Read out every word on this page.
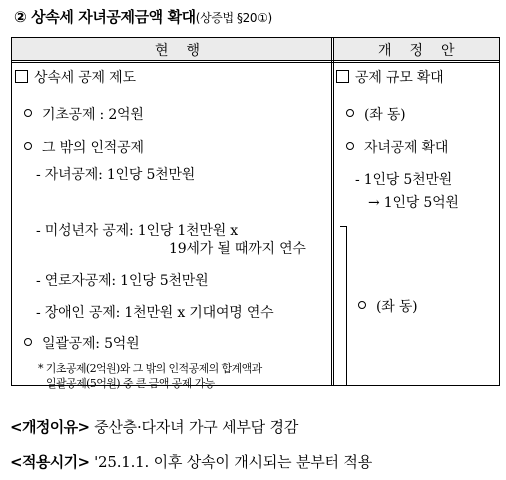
② 상속세 자녀공제금액 확대(상증법 §20①)
현행	개정안
상속세 공제 제도
기초공제 : 2억원
그 밖의 인적공제
- 자녀공제: 1인당 5천만원
- 미성년자 공제: 1인당 1천만원 x
19세가 될 때까지 연수
- 연로자공제: 1인당 5천만원
- 장애인 공제: 1천만원 x 기대여명 연수
일괄공제: 5억원
* 기초공제(2억원)와 그 밖의 인적공제의 합계액과
일괄공제(5억원) 중 큰 금액 공제 가능
공제 규모 확대
(좌 동)
자녀공제 확대
- 1인당 5천만원
→ 1인당 5억원
(좌 동)
<개정이유> 중산층·다자녀 가구 세부담 경감
<적용시기> '25.1.1. 이후 상속이 개시되는 분부터 적용
